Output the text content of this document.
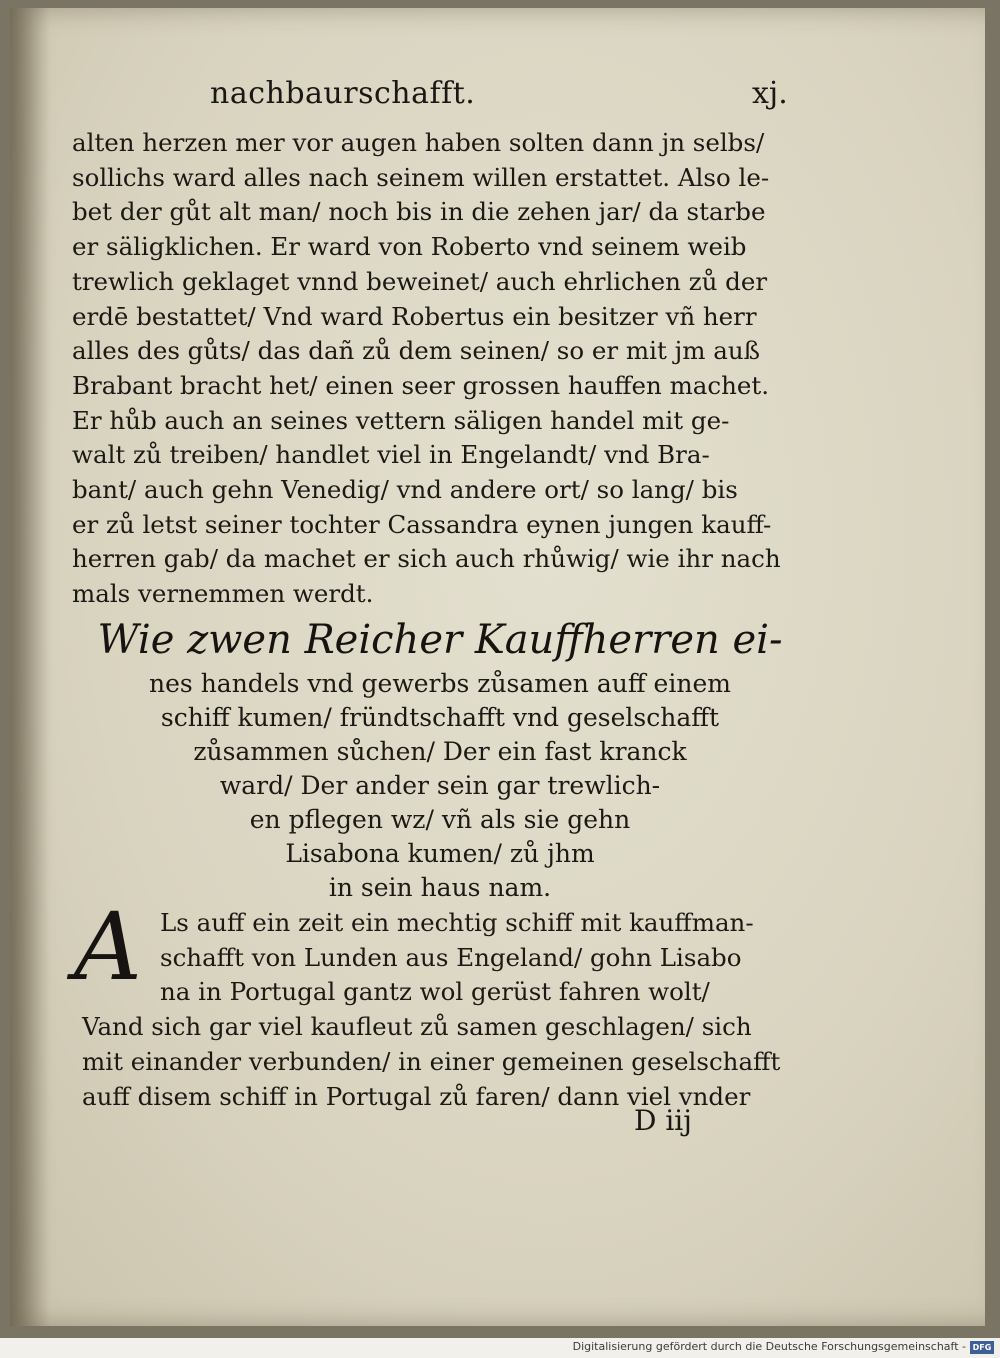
nachbaurschafft.	xj.
alten herzen mer vor augen haben solten dann jn selbs/
sollichs ward alles nach seinem willen erstattet. Also le-
bet der gůt alt man/ noch bis in die zehen jar/ da starbe
er säligklichen. Er ward von Roberto vnd seinem weib
trewlich geklaget vnnd beweinet/ auch ehrlichen zů der
erdē bestattet/ Vnd ward Robertus ein besitzer vñ herr
alles des gůts/ das dañ zů dem seinen/ so er mit jm auß
Brabant bracht het/ einen seer grossen hauffen machet.
Er hůb auch an seines vettern säligen handel mit ge-
walt zů treiben/ handlet viel in Engelandt/ vnd Bra-
bant/ auch gehn Venedig/ vnd andere ort/ so lang/ bis
er zů letst seiner tochter Cassandra eynen jungen kauff-
herren gab/ da machet er sich auch rhůwig/ wie ihr nach
mals vernemmen werdt.
Wie zwen Reicher Kauffherren ei-
nes handels vnd gewerbs zůsamen auff einem
schiff kumen/ fründtschafft vnd geselschafft
zůsammen sůchen/ Der ein fast kranck
ward/ Der ander sein gar trewlich-
en pflegen wz/ vñ als sie gehn
Lisabona kumen/ zů jhm
in sein haus nam.
A Ls auff ein zeit ein mechtig schiff mit kauffman-
schafft von Lunden aus Engeland/ gohn Lisabo
na in Portugal gantz wol gerüst fahren wolt/
Vand sich gar viel kaufleut zů samen geschlagen/ sich
mit einander verbunden/ in einer gemeinen geselschafft
auff disem schiff in Portugal zů faren/ dann viel vnder
D iij
Digitalisierung gefördert durch die Deutsche Forschungsgemeinschaft - DFG
